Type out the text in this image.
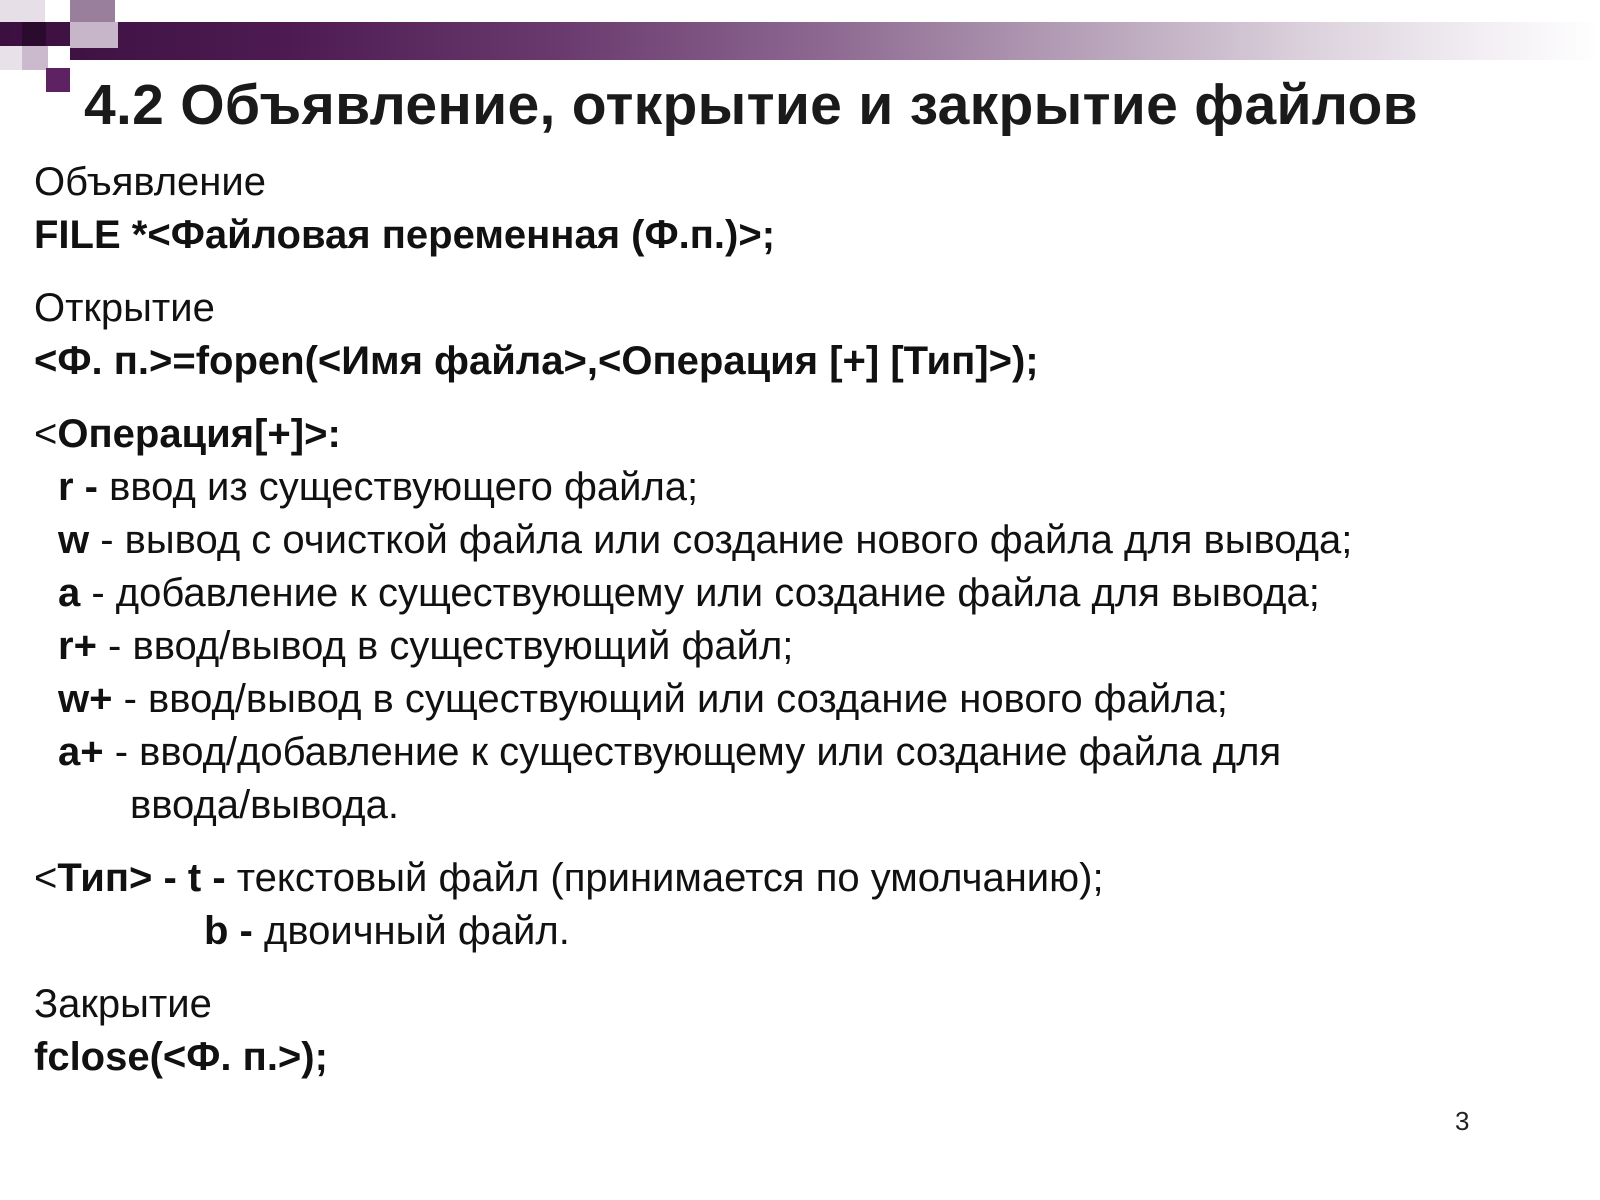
4.2 Объявление, открытие и закрытие файлов
Объявление
FILE *<Файловая переменная (Ф.п.)>;
Открытие
<Ф. п.>=fopen(<Имя файла>,<Операция [+] [Тип]>);
<Операция[+]>:
r - ввод из существующего файла;
w - вывод с очисткой файла или создание нового файла для вывода;
a - добавление к существующему или создание файла для вывода;
r+ - ввод/вывод в существующий файл;
w+ - ввод/вывод в существующий или создание нового файла;
a+ - ввод/добавление к существующему или создание файла для
ввода/вывода.
<Тип> - t - текстовый файл (принимается по умолчанию);
b - двоичный файл.
Закрытие
fclose(<Ф. п.>);
3
